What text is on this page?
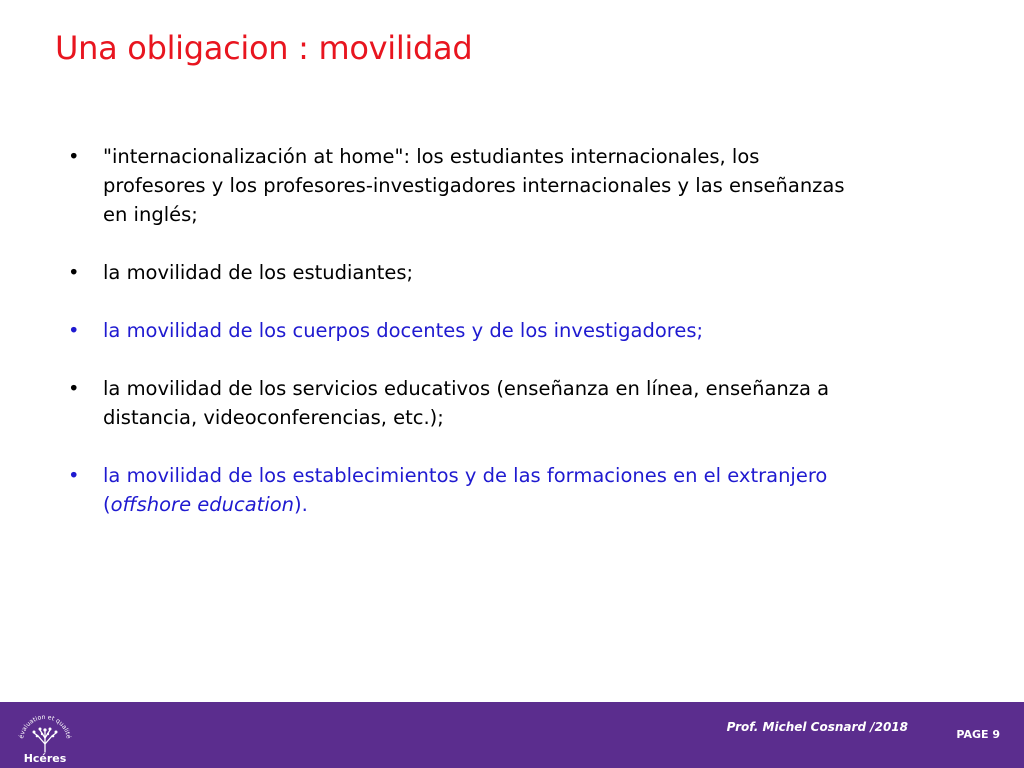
Una obligacion : movilidad
•	"internacionalización at home": los estudiantes internacionales, los profesores y los profesores-investigadores internacionales y las enseñanzas en inglés;
•	la movilidad de los estudiantes;
•	la movilidad de los cuerpos docentes y de los investigadores;
•	la movilidad de los servicios educativos (enseñanza en línea, enseñanza a distancia, videoconferencias, etc.);
•	la movilidad de los establecimientos y de las formaciones en el extranjero (offshore education).
évaluation et qualité
Hcéres
Prof. Michel Cosnard /2018
PAGE 9
